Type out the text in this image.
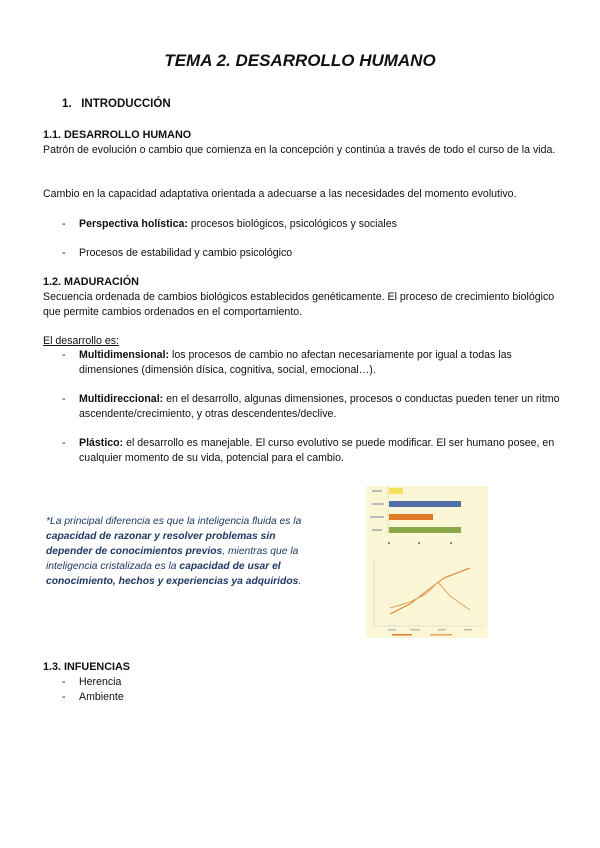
TEMA 2. DESARROLLO HUMANO
1. INTRODUCCIÓN
1.1. DESARROLLO HUMANO
Patrón de evolución o cambio que comienza en la concepción y continúa a través de todo el curso de la vida.
Cambio en la capacidad adaptativa orientada a adecuarse a las necesidades del momento evolutivo.
- Perspectiva holística: procesos biológicos, psicológicos y sociales
- Procesos de estabilidad y cambio psicológico
1.2. MADURACIÓN
Secuencia ordenada de cambios biológicos establecidos genéticamente. El proceso de crecimiento biológico que permite cambios ordenados en el comportamiento.
El desarrollo es:
- Multidimensional: los procesos de cambio no afectan necesariamente por igual a todas las dimensiones (dimensión dísica, cognitiva, social, emocional…).
- Multidireccional: en el desarrollo, algunas dimensiones, procesos o conductas pueden tener un ritmo ascendente/crecimiento, y otras descendentes/declive.
- Plástico: el desarrollo es manejable. El curso evolutivo se puede modificar. El ser humano posee, en cualquier momento de su vida, potencial para el cambio.
*La principal diferencia es que la inteligencia fluida es la capacidad de razonar y resolver problemas sin depender de conocimientos previos, mientras que la inteligencia cristalizada es la capacidad de usar el conocimiento, hechos y experiencias ya adquiridos.
1.3. INFUENCIAS
- Herencia
- Ambiente
